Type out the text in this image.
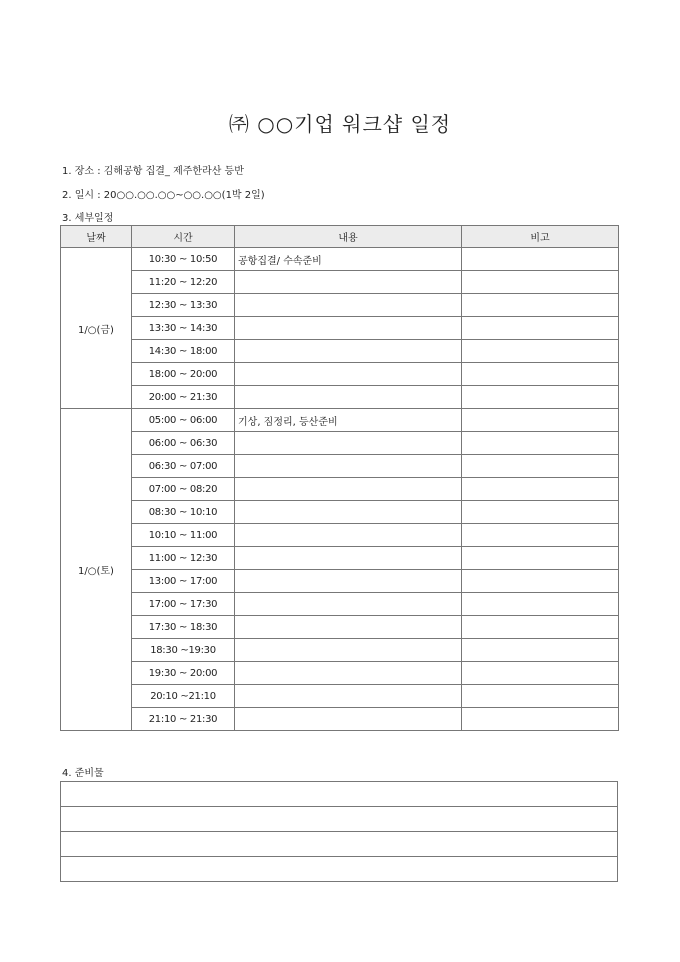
㈜ ○○기업 워크샵 일정
1. 장소 : 김해공항 집결_ 제주한라산 등반
2. 일시 : 20○○.○○.○○~○○.○○(1박 2일)
3. 세부일정
날짜	시간	내용	비고
1/○(금)	10:30 ~ 10:50	공항집결/ 수속준비	
	11:20 ~ 12:20		
	12:30 ~ 13:30		
	13:30 ~ 14:30		
	14:30 ~ 18:00		
	18:00 ~ 20:00		
	20:00 ~ 21:30		
1/○(토)	05:00 ~ 06:00	기상, 짐정리, 등산준비	
	06:00 ~ 06:30		
	06:30 ~ 07:00		
	07:00 ~ 08:20		
	08:30 ~ 10:10		
	10:10 ~ 11:00		
	11:00 ~ 12:30		
	13:00 ~ 17:00		
	17:00 ~ 17:30		
	17:30 ~ 18:30		
	18:30 ~19:30		
	19:30 ~ 20:00		
	20:10 ~21:10		
	21:10 ~ 21:30		
4. 준비물
